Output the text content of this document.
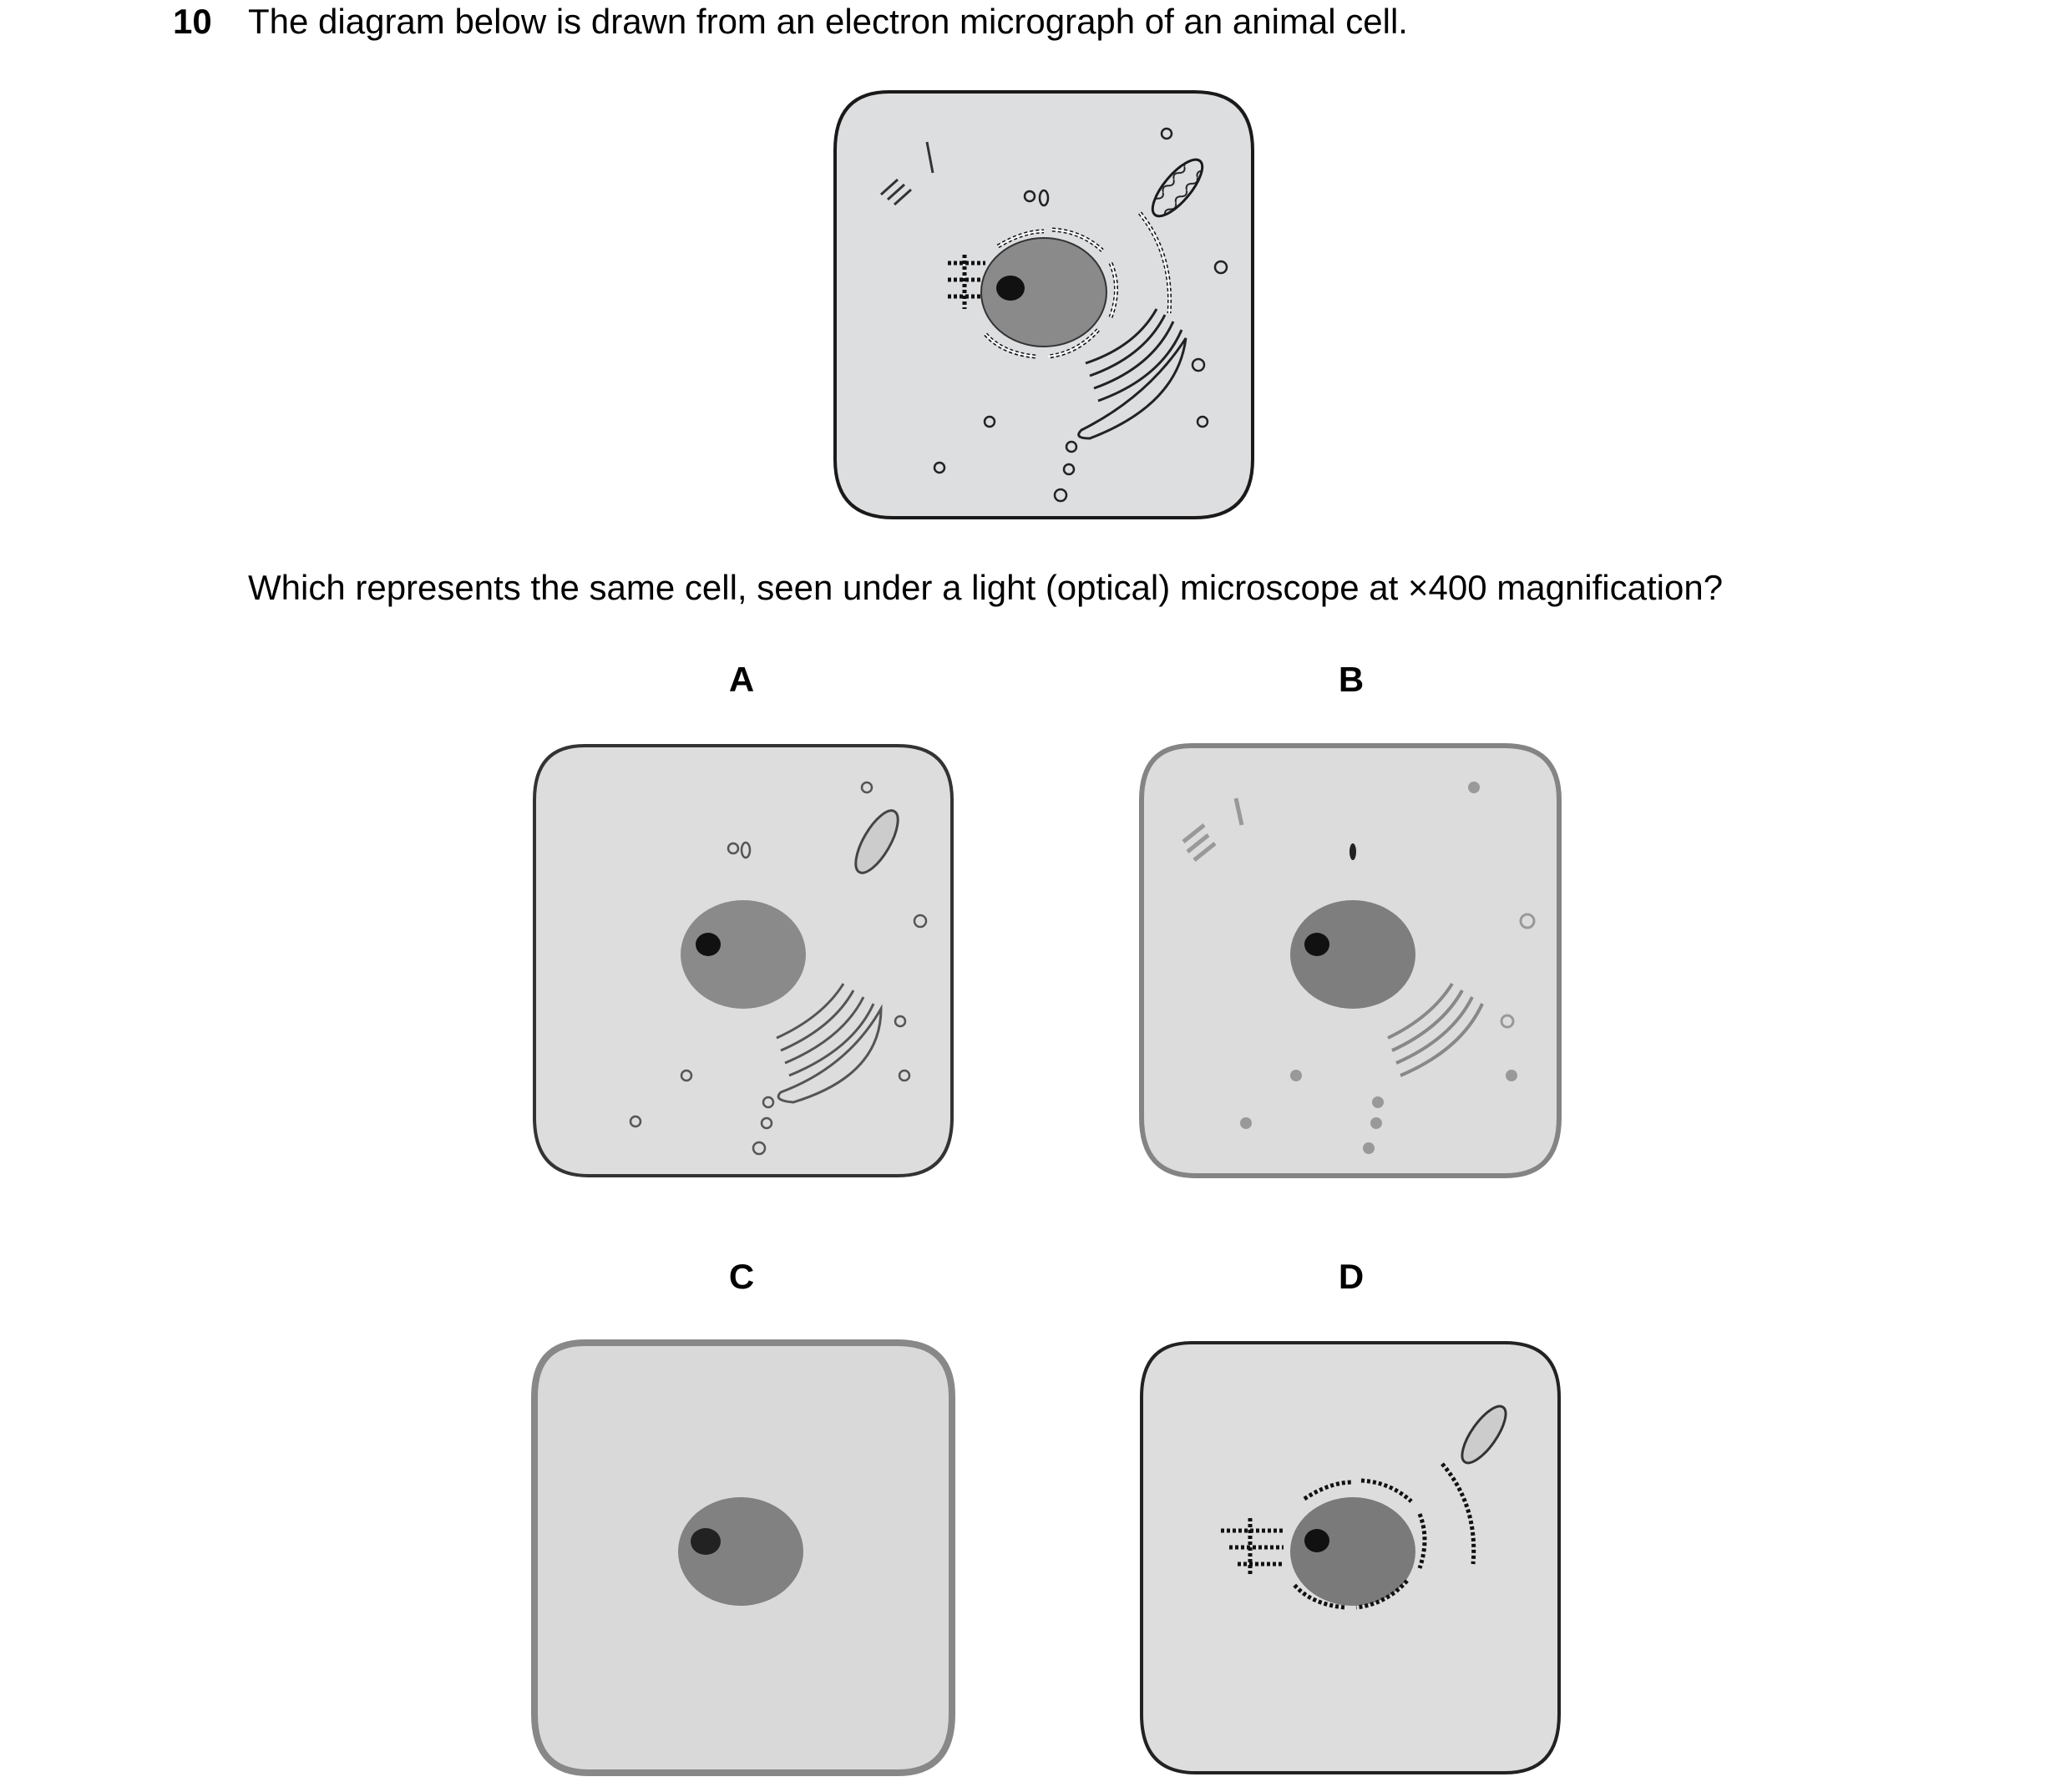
10 The diagram below is drawn from an electron micrograph of an animal cell.
Which represents the same cell, seen under a light (optical) microscope at ×400 magnification?
A	B
C	D
